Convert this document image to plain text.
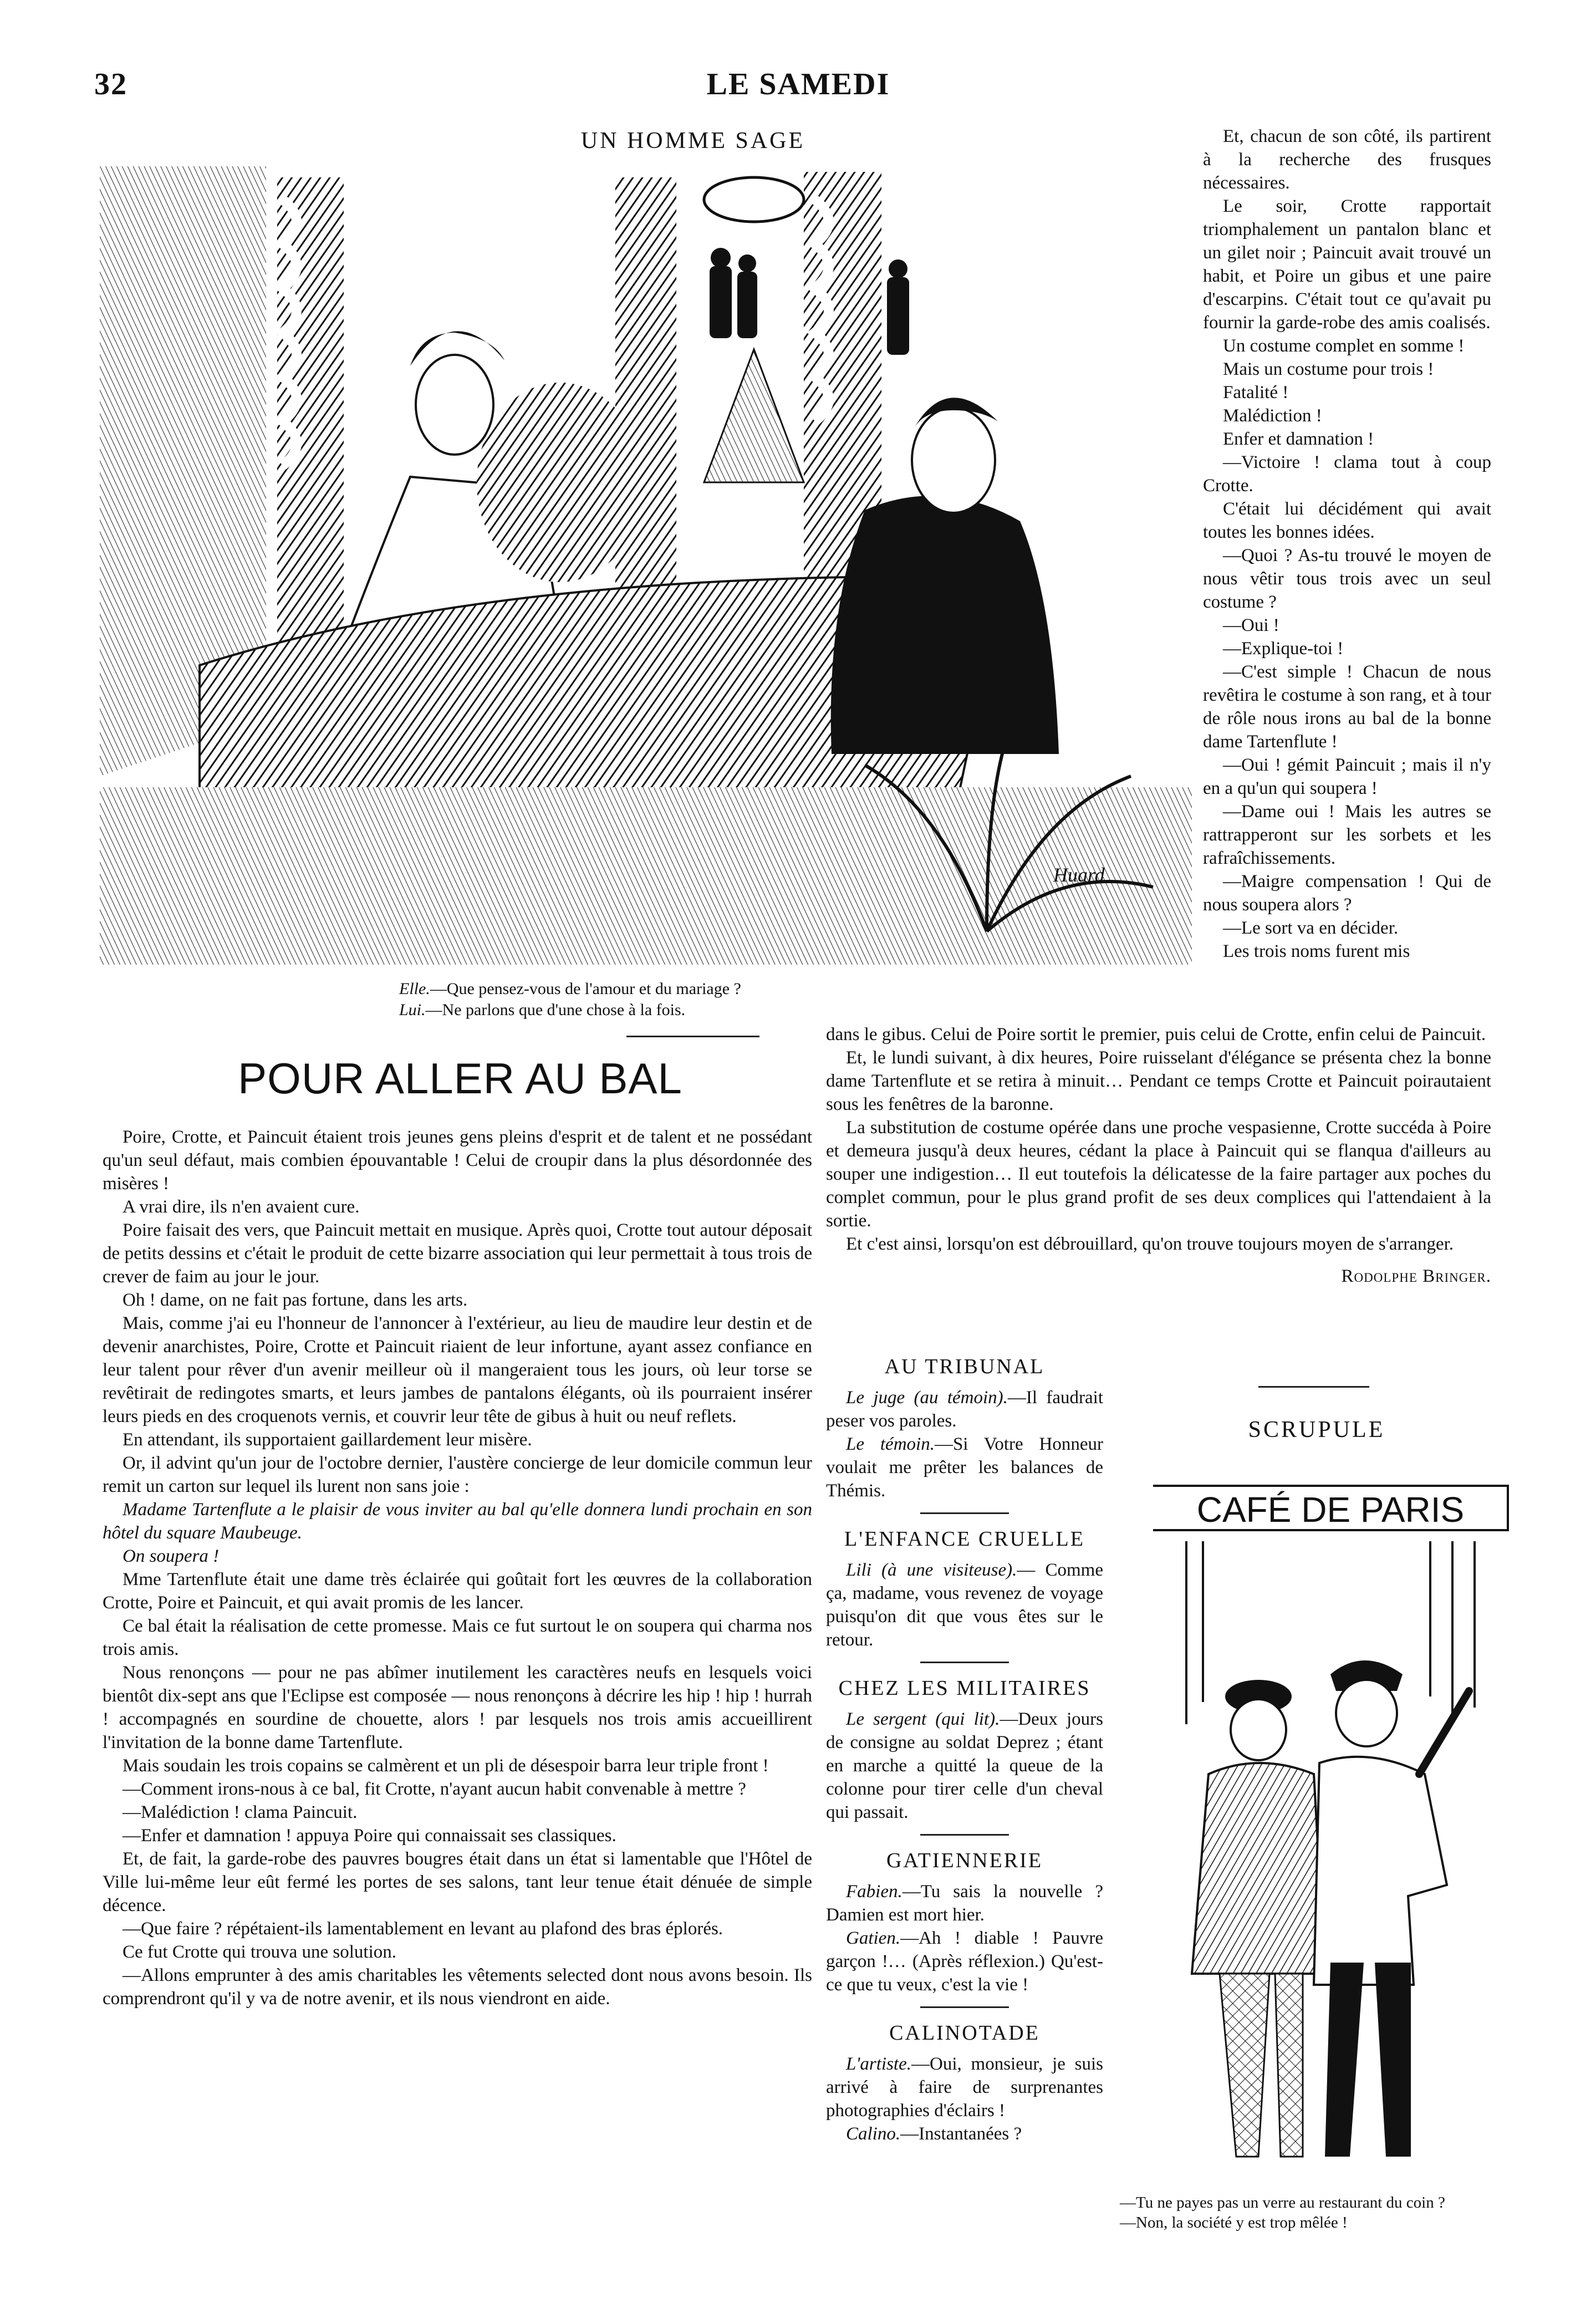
32	LE SAMEDI
UN HOMME SAGE
Huard
Elle.—Que pensez-vous de l'amour et du mariage ?
Lui.—Ne parlons que d'une chose à la fois.

Et, chacun de son côté, ils partirent à la recherche des frusques nécessaires.

Le soir, Crotte rapportait triomphalement un pantalon blanc et un gilet noir ; Paincuit avait trouvé un habit, et Poire un gibus et une paire d'escarpins. C'était tout ce qu'avait pu fournir la garde-robe des amis coalisés.

Un costume complet en somme !

Mais un costume pour trois !

Fatalité !

Malédiction !

Enfer et damnation !

—Victoire ! clama tout à coup Crotte.

C'était lui décidément qui avait toutes les bonnes idées.

—Quoi ? As-tu trouvé le moyen de nous vêtir tous trois avec un seul costume ?

—Oui !

—Explique-toi !

—C'est simple ! Chacun de nous revêtira le costume à son rang, et à tour de rôle nous irons au bal de la bonne dame Tartenflute !

—Oui ! gémit Paincuit ; mais il n'y en a qu'un qui soupera !

—Dame oui ! Mais les autres se rattrapperont sur les sorbets et les rafraîchissements.

—Maigre compensation ! Qui de nous soupera alors ?

—Le sort va en décider.

Les trois noms furent mis

POUR ALLER AU BAL

Poire, Crotte, et Paincuit étaient trois jeunes gens pleins d'esprit et de talent et ne possédant qu'un seul défaut, mais combien épouvantable ! Celui de croupir dans la plus désordonnée des misères !

A vrai dire, ils n'en avaient cure.

Poire faisait des vers, que Paincuit mettait en musique. Après quoi, Crotte tout autour déposait de petits dessins et c'était le produit de cette bizarre association qui leur permettait à tous trois de crever de faim au jour le jour.

Oh ! dame, on ne fait pas fortune, dans les arts.

Mais, comme j'ai eu l'honneur de l'annoncer à l'extérieur, au lieu de maudire leur destin et de devenir anarchistes, Poire, Crotte et Paincuit riaient de leur infortune, ayant assez confiance en leur talent pour rêver d'un avenir meilleur où il mangeraient tous les jours, où leur torse se revêtirait de redingotes smarts, et leurs jambes de pantalons élégants, où ils pourraient insérer leurs pieds en des croquenots vernis, et couvrir leur tête de gibus à huit ou neuf reflets.

En attendant, ils supportaient gaillardement leur misère.

Or, il advint qu'un jour de l'octobre dernier, l'austère concierge de leur domicile commun leur remit un carton sur lequel ils lurent non sans joie :

Madame Tartenflute a le plaisir de vous inviter au bal qu'elle donnera lundi prochain en son hôtel du square Maubeuge.

On soupera !

Mme Tartenflute était une dame très éclairée qui goûtait fort les œuvres de la collaboration Crotte, Poire et Paincuit, et qui avait promis de les lancer.

Ce bal était la réalisation de cette promesse. Mais ce fut surtout le on soupera qui charma nos trois amis.

Nous renonçons — pour ne pas abîmer inutilement les caractères neufs en lesquels voici bientôt dix-sept ans que l'Eclipse est composée — nous renonçons à décrire les hip ! hip ! hurrah ! accompagnés en sourdine de chouette, alors ! par lesquels nos trois amis accueillirent l'invitation de la bonne dame Tartenflute.

Mais soudain les trois copains se calmèrent et un pli de désespoir barra leur triple front !

—Comment irons-nous à ce bal, fit Crotte, n'ayant aucun habit convenable à mettre ?

—Malédiction ! clama Paincuit.

—Enfer et damnation ! appuya Poire qui connaissait ses classiques.

Et, de fait, la garde-robe des pauvres bougres était dans un état si lamentable que l'Hôtel de Ville lui-même leur eût fermé les portes de ses salons, tant leur tenue était dénuée de simple décence.

—Que faire ? répétaient-ils lamentablement en levant au plafond des bras éplorés.

Ce fut Crotte qui trouva une solution.

—Allons emprunter à des amis charitables les vêtements selected dont nous avons besoin. Ils comprendront qu'il y va de notre avenir, et ils nous viendront en aide.

dans le gibus. Celui de Poire sortit le premier, puis celui de Crotte, enfin celui de Paincuit.

Et, le lundi suivant, à dix heures, Poire ruisselant d'élégance se présenta chez la bonne dame Tartenflute et se retira à minuit… Pendant ce temps Crotte et Paincuit poirautaient sous les fenêtres de la baronne.

La substitution de costume opérée dans une proche vespasienne, Crotte succéda à Poire et demeura jusqu'à deux heures, cédant la place à Paincuit qui se flanqua d'ailleurs au souper une indigestion… Il eut toutefois la délicatesse de la faire partager aux poches du complet commun, pour le plus grand profit de ses deux complices qui l'attendaient à la sortie.

Et c'est ainsi, lorsqu'on est débrouillard, qu'on trouve toujours moyen de s'arranger.

Rodolphe Bringer.
AU TRIBUNAL

Le juge (au témoin).—Il faudrait peser vos paroles.

Le témoin.—Si Votre Honneur voulait me prêter les balances de Thémis.

L'ENFANCE CRUELLE

Lili (à une visiteuse).— Comme ça, madame, vous revenez de voyage puisqu'on dit que vous êtes sur le retour.

CHEZ LES MILITAIRES

Le sergent (qui lit).—Deux jours de consigne au soldat Deprez ; étant en marche a quitté la queue de la colonne pour tirer celle d'un cheval qui passait.

GATIENNERIE

Fabien.—Tu sais la nouvelle ? Damien est mort hier.

Gatien.—Ah ! diable ! Pauvre garçon !… (Après réflexion.) Qu'est-ce que tu veux, c'est la vie !

CALINOTADE

L'artiste.—Oui, monsieur, je suis arrivé à faire de surprenantes photographies d'éclairs !

Calino.—Instantanées ?

SCRUPULE
CAFÉ DE PARIS
—Tu ne payes pas un verre au restaurant du coin ?
—Non, la société y est trop mêlée !
